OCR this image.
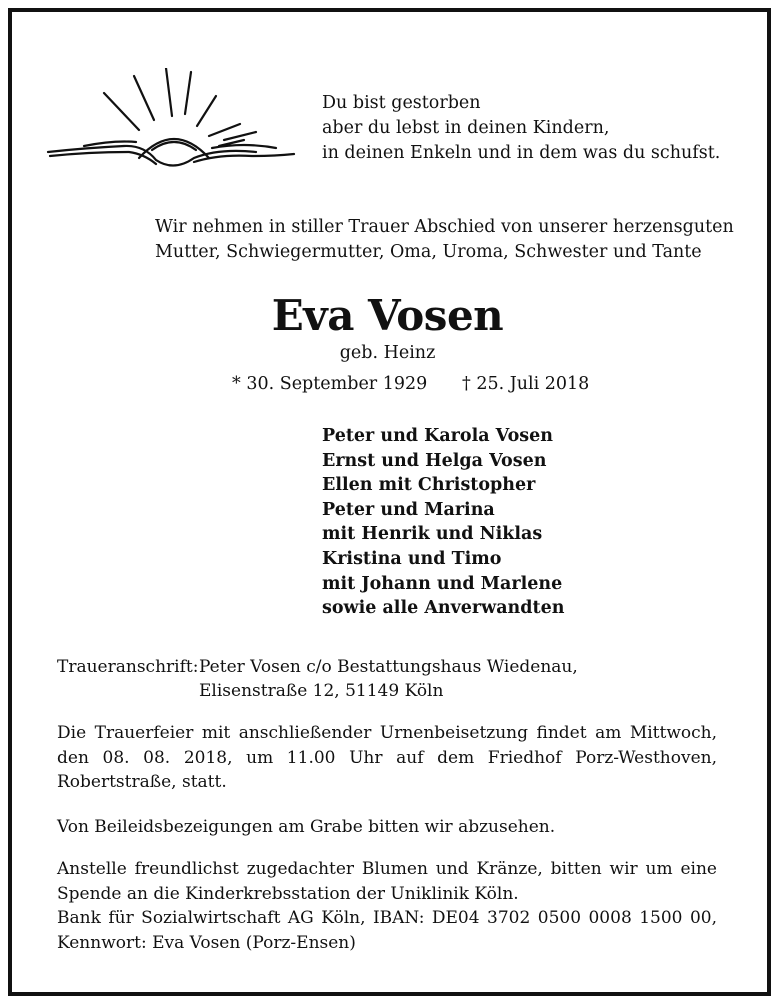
Du bist gestorben
aber du lebst in deinen Kindern,
in deinen Enkeln und in dem was du schufst.
Wir nehmen in stiller Trauer Abschied von unserer herzensguten
Mutter, Schwiegermutter, Oma, Uroma, Schwester und Tante
Eva Vosen
geb. Heinz
* 30. September 1929 † 25. Juli 2018
Peter und Karola Vosen
Ernst und Helga Vosen
Ellen mit Christopher
Peter und Marina
mit Henrik und Niklas
Kristina und Timo
mit Johann und Marlene
sowie alle Anverwandten
Traueranschrift: Peter Vosen c/o Bestattungshaus Wiedenau,
Elisenstraße 12, 51149 Köln
Die Trauerfeier mit anschließender Urnenbeisetzung findet am Mittwoch,
den 08. 08. 2018, um 11.00 Uhr auf dem Friedhof Porz-Westhoven,
Robertstraße, statt.
Von Beileidsbezeigungen am Grabe bitten wir abzusehen.
Anstelle freundlichst zugedachter Blumen und Kränze, bitten wir um eine
Spende an die Kinderkrebsstation der Uniklinik Köln.
Bank für Sozialwirtschaft AG Köln, IBAN: DE04 3702 0500 0008 1500 00,
Kennwort: Eva Vosen (Porz-Ensen)
